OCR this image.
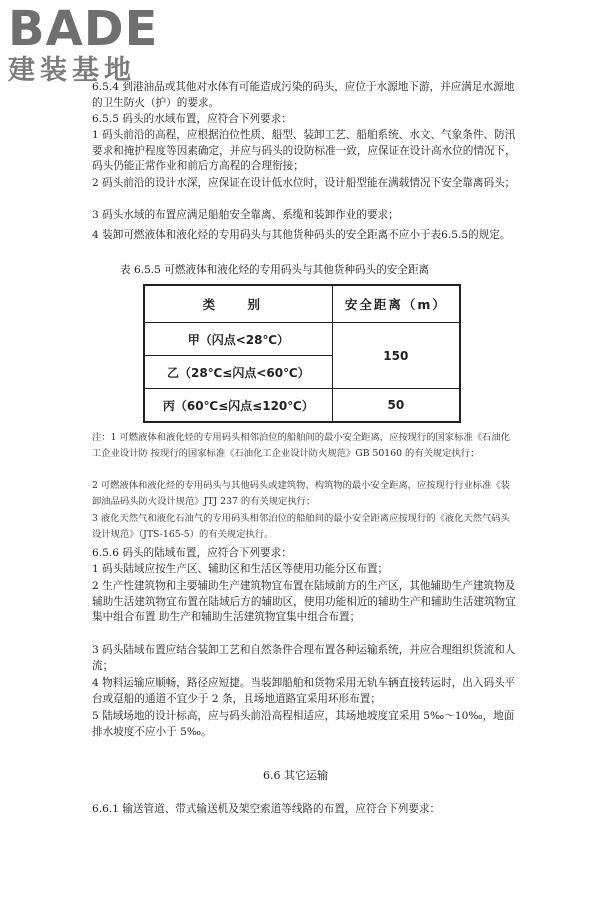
BADE
建装基地

6.5.4 到港油品或其他对水体有可能造成污染的码头，应位于水源地下游，并应满足水源地的卫生防火（护）的要求。

6.5.5 码头的水域布置，应符合下列要求：

1 码头前沿的高程，应根据泊位性质、船型、装卸工艺、船舶系统、水文、气象条件、防汛要求和掩护程度等因素确定，并应与码头的设防标准一致，应保证在设计高水位的情况下，码头仍能正常作业和前后方高程的合理衔接；

2 码头前沿的设计水深，应保证在设计低水位时，设计船型能在满载情况下安全靠离码头；

3 码头水域的布置应满足船舶安全靠离、系缆和装卸作业的要求；

4 装卸可燃液体和液化烃的专用码头与其他货种码头的安全距离不应小于表6.5.5的规定。

表 6.5.5 可燃液体和液化烃的专用码头与其他货种码头的安全距离

类 别	安全距离（m）
甲（闪点<28℃）	150
乙（28℃≤闪点<60℃）	
丙（60℃≤闪点≤120℃）	50

注：1 可燃液体和液化烃的专用码头相邻泊位的船舶间的最小安全距离，应按现行的国家标准《石油化工企业设计防 按现行的国家标准《石油化工企业设计防火规范》GB 50160 的有关规定执行；

2 可燃液体和液化烃的专用码头与其他码头或建筑物、构筑物的最小安全距离，应按现行行业标准《装卸油品码头防火设计规范》JTJ 237 的有关规定执行；

3 液化天然气和液化石油气的专用码头相邻泊位的船舶间的最小安全距离应按现行的《液化天然气码头设计规范》（JTS-165-5）的有关规定执行。

6.5.6 码头的陆域布置，应符合下列要求：

1 码头陆域应按生产区、辅助区和生活区等使用功能分区布置；

2 生产性建筑物和主要辅助生产建筑物宜布置在陆域前方的生产区，其他辅助生产建筑物及辅助生活建筑物宜布置在陆域后方的辅助区，使用功能相近的辅助生产和辅助生活建筑物宜集中组合布置 助生产和辅助生活建筑物宜集中组合布置；

3 码头陆域布置应结合装卸工艺和自然条件合理布置各种运输系统，并应合理组织货流和人流；

4 物料运输应顺畅，路径应短捷。当装卸船舶和货物采用无轨车辆直接转运时，出入码头平台或趸船的通道不宜少于 2 条，且场地道路宜采用环形布置；

5 陆域场地的设计标高，应与码头前沿高程相适应，其场地坡度宜采用 5‰～10‰，地面排水坡度不应小于 5‰。

6.6 其它运输

6.6.1 输送管道、带式输送机及架空索道等线路的布置，应符合下列要求：
